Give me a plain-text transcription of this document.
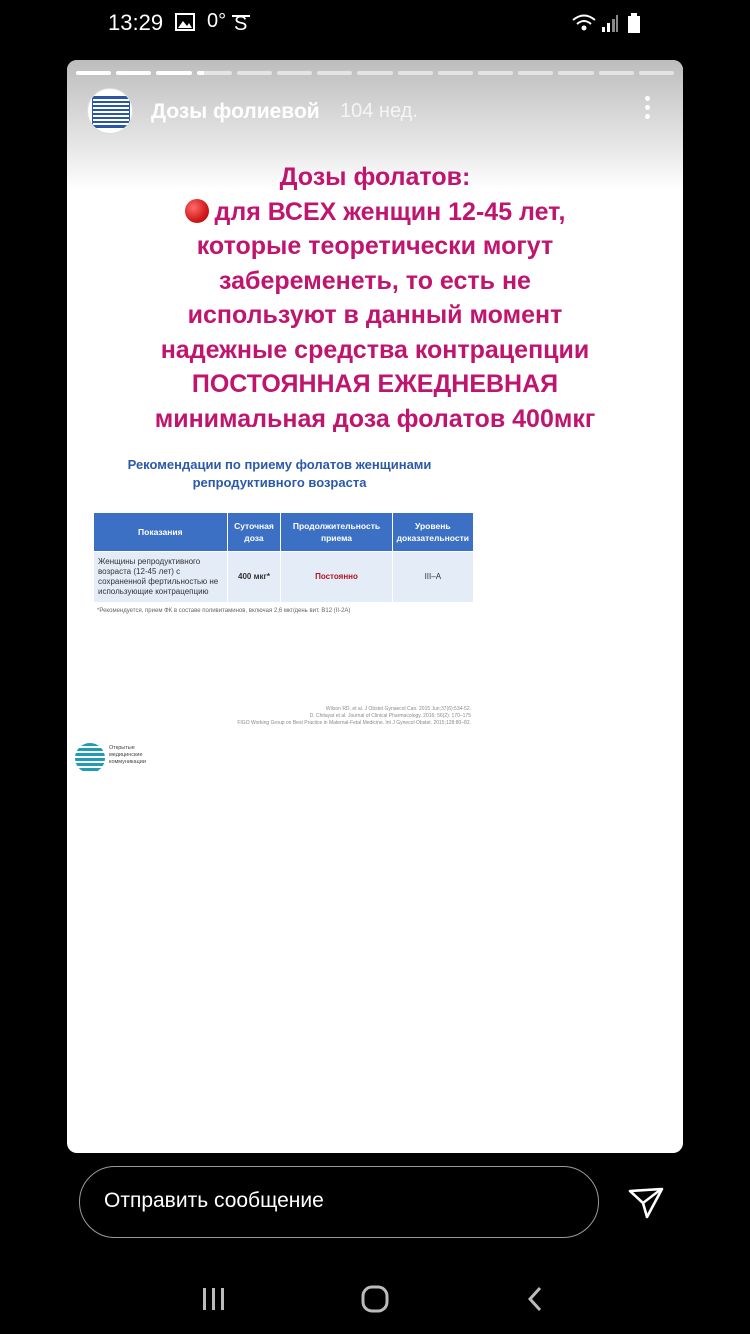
13:29 0° S
Дозы фолиевой 104 нед.
Дозы фолатов:
для ВСЕХ женщин 12-45 лет,
которые теоретически могут
забеременеть, то есть не
используют в данный момент
надежные средства контрацепции
ПОСТОЯННАЯ ЕЖЕДНЕВНАЯ
минимальная доза фолатов 400мкг
Рекомендации по приему фолатов женщинами
репродуктивного возраста
Показания	Суточная доза	Продолжительность приема	Уровень доказательности
Женщины репродуктивного возраста (12-45 лет) с сохраненной фертильностью не использующие контрацепцию	400 мкг*	Постоянно	III–A
*Рекомендуется, прием ФК в составе поливитаминов, включая 2,6 мкг/день вит. В12 (II-2А)
Wilson RD, et al. J Obstet Gynaecol Can. 2015 Jun;37(6):534-52.
D. Chitayat et al. Journal of Clinical Pharmacology. 2016; 56(2): 170–175
FIGO Working Group on Best Practice in Maternal-Fetal Medicine. Int J Gynecol Obstet. 2015;128:80–82.
Открытые
медицинские
коммуникации
Отправить сообщение
